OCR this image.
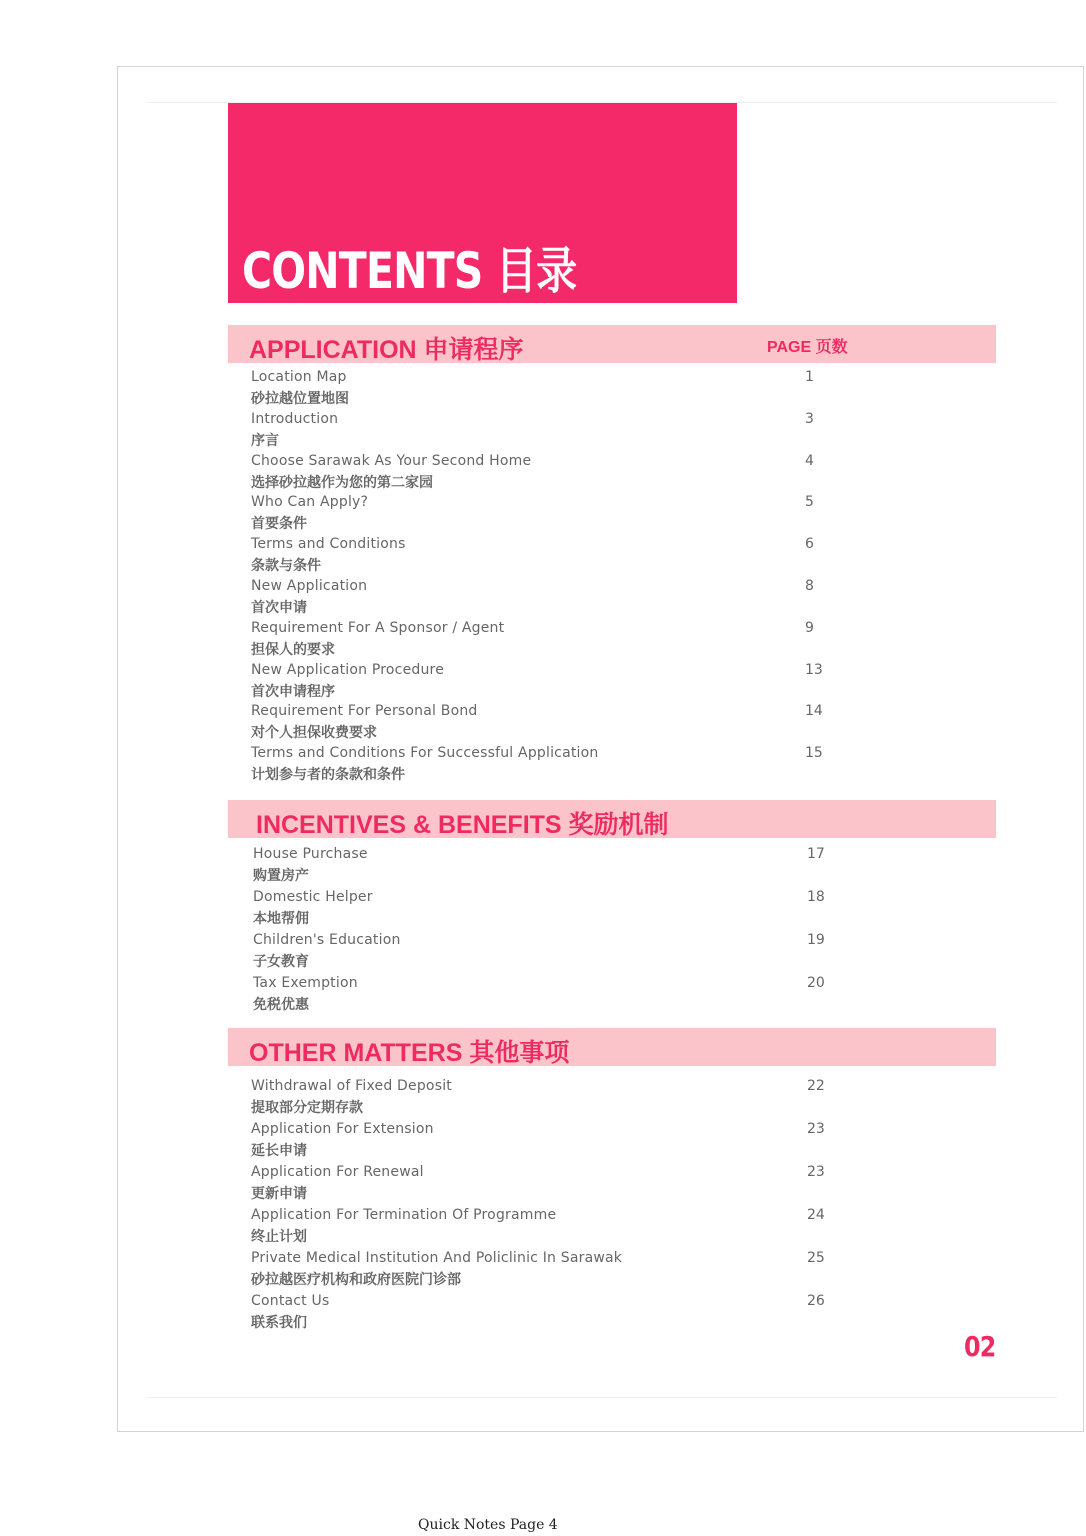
CONTENTS 目录
APPLICATION 申请程序	PAGE 页数
Location Map
砂拉越位置地图
1
Introduction
序言
3
Choose Sarawak As Your Second Home
选择砂拉越作为您的第二家园
4
Who Can Apply?
首要条件
5
Terms and Conditions
条款与条件
6
New Application
首次申请
8
Requirement For A Sponsor / Agent
担保人的要求
9
New Application Procedure
首次申请程序
13
Requirement For Personal Bond
对个人担保收费要求
14
Terms and Conditions For Successful Application
计划参与者的条款和条件
15
INCENTIVES & BENEFITS 奖励机制
House Purchase
购置房产
17
Domestic Helper
本地帮佣
18
Children's Education
子女教育
19
Tax Exemption
免税优惠
20
OTHER MATTERS 其他事项
Withdrawal of Fixed Deposit
提取部分定期存款
22
Application For Extension
延长申请
23
Application For Renewal
更新申请
23
Application For Termination Of Programme
终止计划
24
Private Medical Institution And Policlinic In Sarawak
砂拉越医疗机构和政府医院门诊部
25
Contact Us
联系我们
26
02
Quick Notes Page 4
